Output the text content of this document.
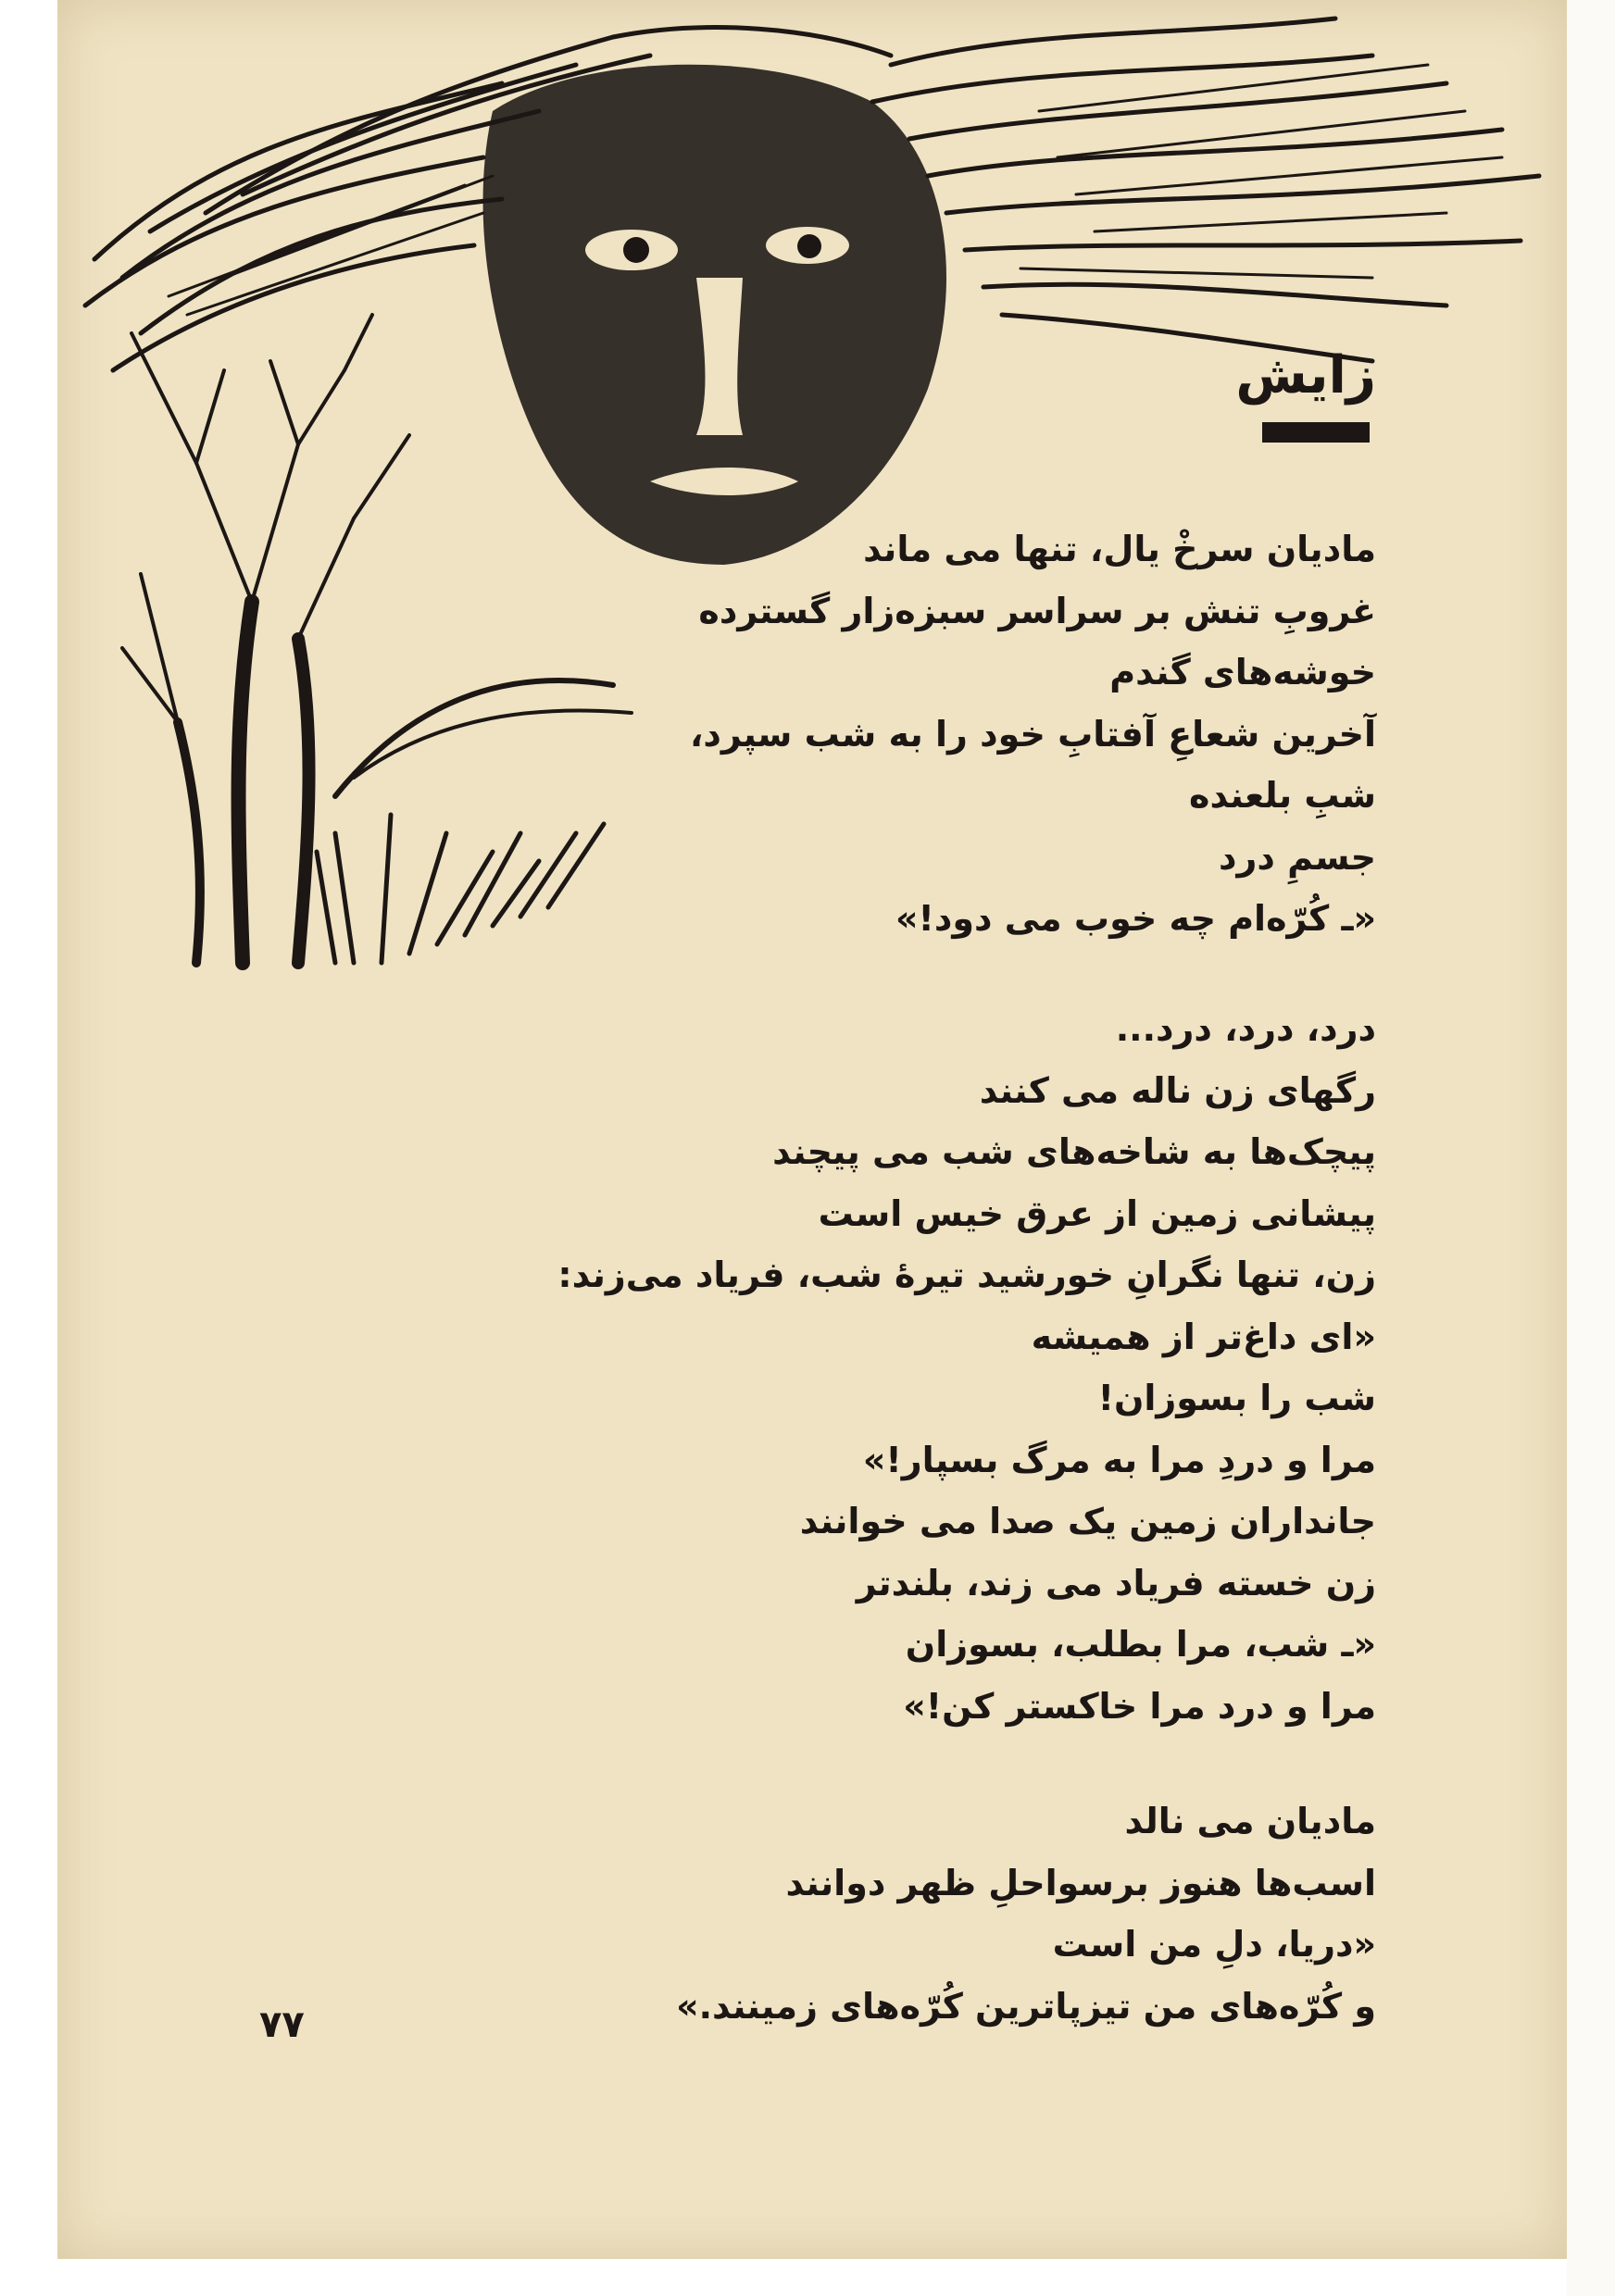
زایش
مادیان سرخْ یال، تنها می ماند
غروبِ تنش بر سراسر سبزه‌زار گسترده
خوشه‌های گندم
آخرین شعاعِ آفتابِ خود را به شب سپرد،
شبِ بلعنده
جسمِ درد
«ـ کُرّه‌ام چه خوب می دود!»
درد، درد، درد...
رگهای زن ناله می کنند
پیچک‌ها به شاخه‌های شب می پیچند
پیشانی زمین از عرق خیس است
زن، تنها نگرانِ خورشید تیرهٔ شب، فریاد می‌زند:
«ای داغ‌تر از همیشه
شب را بسوزان!
مرا و دردِ مرا به مرگ بسپار!»
جانداران زمین یک صدا می خوانند
زن خسته فریاد می زند، بلندتر
«ـ شب، مرا بطلب، بسوزان
مرا و درد مرا خاکستر کن!»
مادیان می نالد
اسب‌ها هنوز برسواحلِ ظهر دوانند
«دریا، دلِ من است
و کُرّه‌های من تیزپاترین کُرّه‌های زمینند.»
۷۷
